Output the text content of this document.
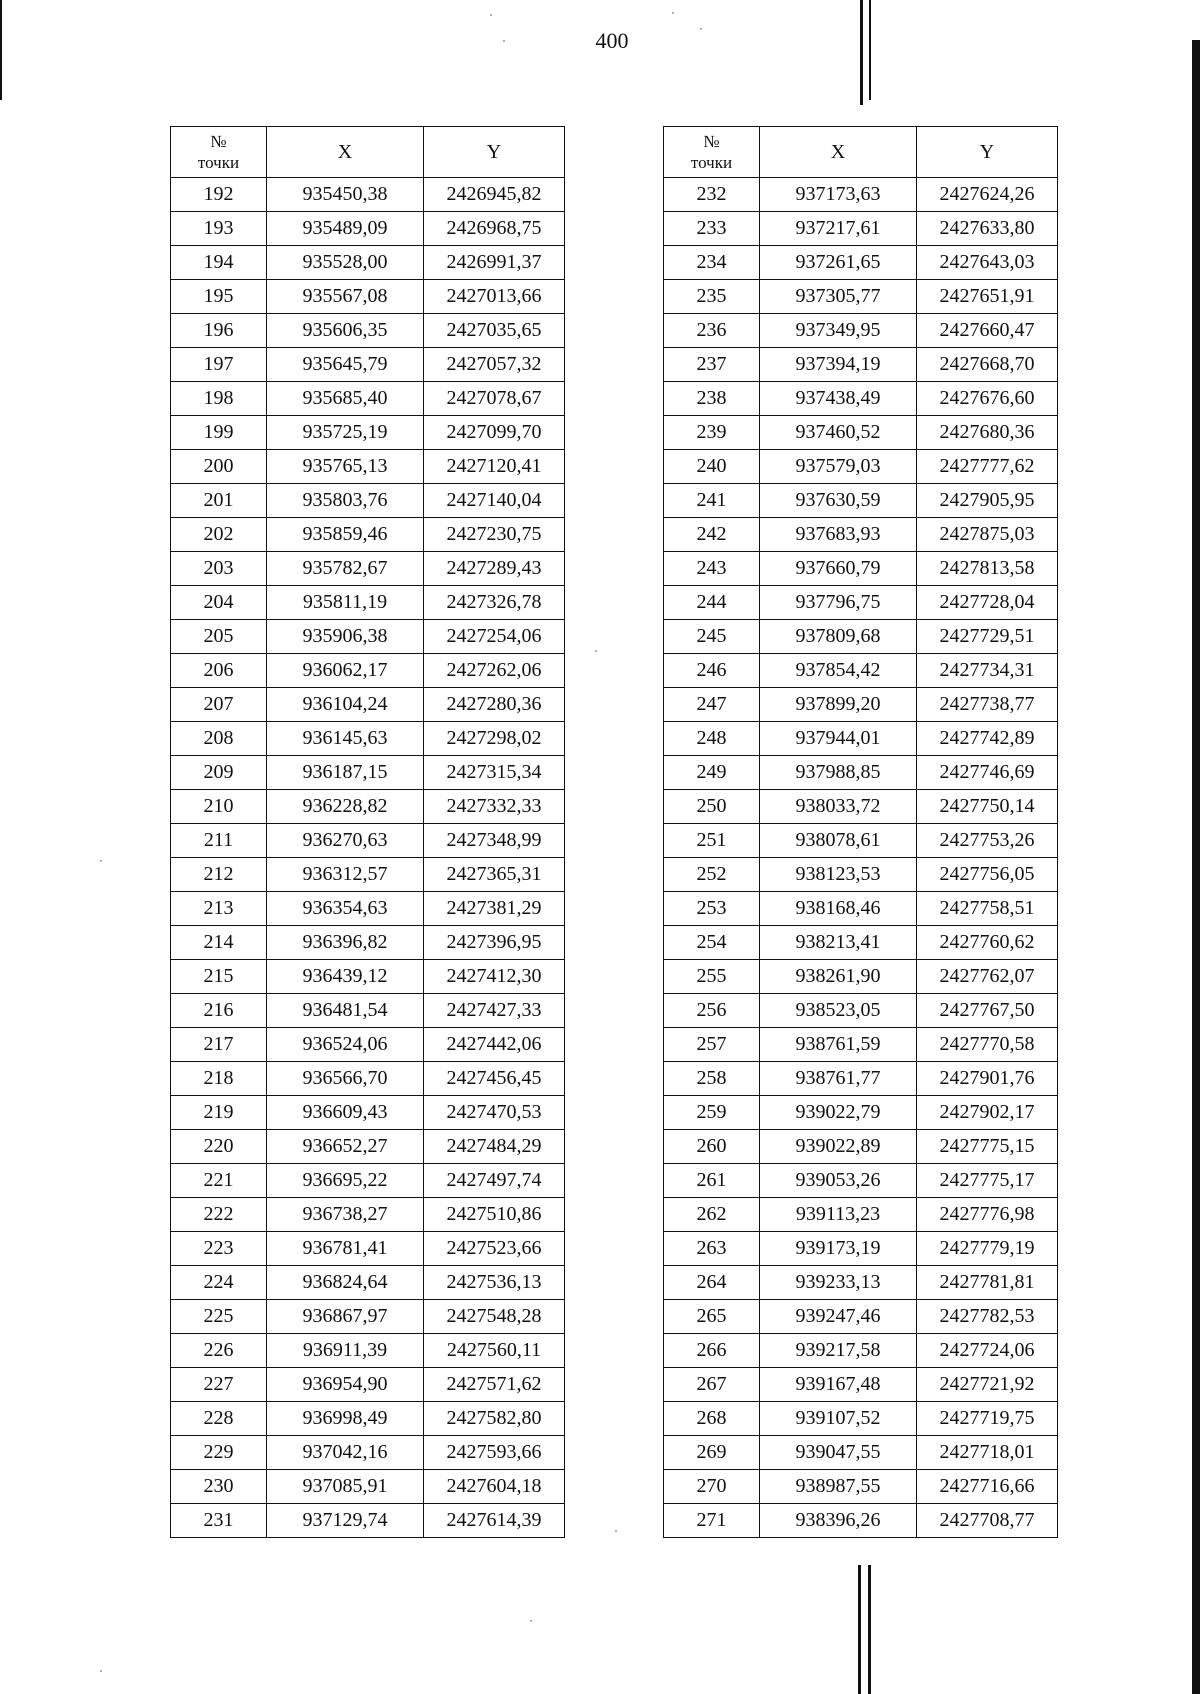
400
№
точки	X	Y
192	935450,38	2426945,82
193	935489,09	2426968,75
194	935528,00	2426991,37
195	935567,08	2427013,66
196	935606,35	2427035,65
197	935645,79	2427057,32
198	935685,40	2427078,67
199	935725,19	2427099,70
200	935765,13	2427120,41
201	935803,76	2427140,04
202	935859,46	2427230,75
203	935782,67	2427289,43
204	935811,19	2427326,78
205	935906,38	2427254,06
206	936062,17	2427262,06
207	936104,24	2427280,36
208	936145,63	2427298,02
209	936187,15	2427315,34
210	936228,82	2427332,33
211	936270,63	2427348,99
212	936312,57	2427365,31
213	936354,63	2427381,29
214	936396,82	2427396,95
215	936439,12	2427412,30
216	936481,54	2427427,33
217	936524,06	2427442,06
218	936566,70	2427456,45
219	936609,43	2427470,53
220	936652,27	2427484,29
221	936695,22	2427497,74
222	936738,27	2427510,86
223	936781,41	2427523,66
224	936824,64	2427536,13
225	936867,97	2427548,28
226	936911,39	2427560,11
227	936954,90	2427571,62
228	936998,49	2427582,80
229	937042,16	2427593,66
230	937085,91	2427604,18
231	937129,74	2427614,39
№
точки	X	Y
232	937173,63	2427624,26
233	937217,61	2427633,80
234	937261,65	2427643,03
235	937305,77	2427651,91
236	937349,95	2427660,47
237	937394,19	2427668,70
238	937438,49	2427676,60
239	937460,52	2427680,36
240	937579,03	2427777,62
241	937630,59	2427905,95
242	937683,93	2427875,03
243	937660,79	2427813,58
244	937796,75	2427728,04
245	937809,68	2427729,51
246	937854,42	2427734,31
247	937899,20	2427738,77
248	937944,01	2427742,89
249	937988,85	2427746,69
250	938033,72	2427750,14
251	938078,61	2427753,26
252	938123,53	2427756,05
253	938168,46	2427758,51
254	938213,41	2427760,62
255	938261,90	2427762,07
256	938523,05	2427767,50
257	938761,59	2427770,58
258	938761,77	2427901,76
259	939022,79	2427902,17
260	939022,89	2427775,15
261	939053,26	2427775,17
262	939113,23	2427776,98
263	939173,19	2427779,19
264	939233,13	2427781,81
265	939247,46	2427782,53
266	939217,58	2427724,06
267	939167,48	2427721,92
268	939107,52	2427719,75
269	939047,55	2427718,01
270	938987,55	2427716,66
271	938396,26	2427708,77
